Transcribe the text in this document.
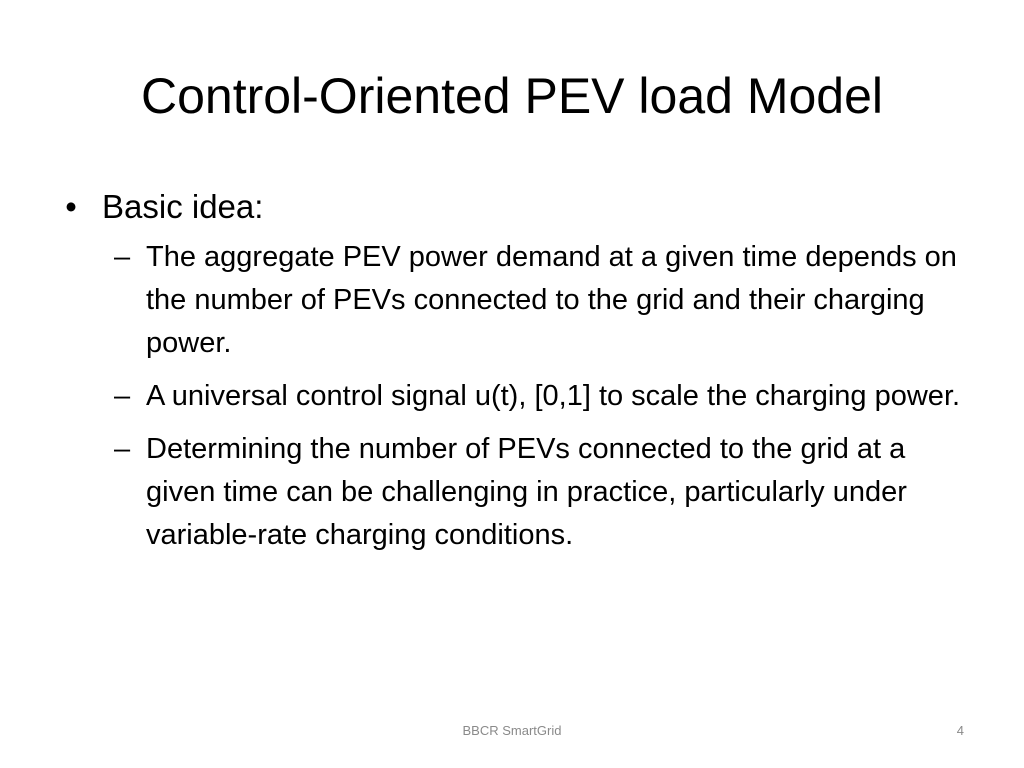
Control-Oriented PEV load Model
• Basic idea:
– The aggregate PEV power demand at a given time depends on the number of PEVs connected to the grid and their charging power.
– A universal control signal u(t), [0,1] to scale the charging power.
– Determining the number of PEVs connected to the grid at a given time can be challenging in practice, particularly under variable-rate charging conditions.
BBCR SmartGrid	4
